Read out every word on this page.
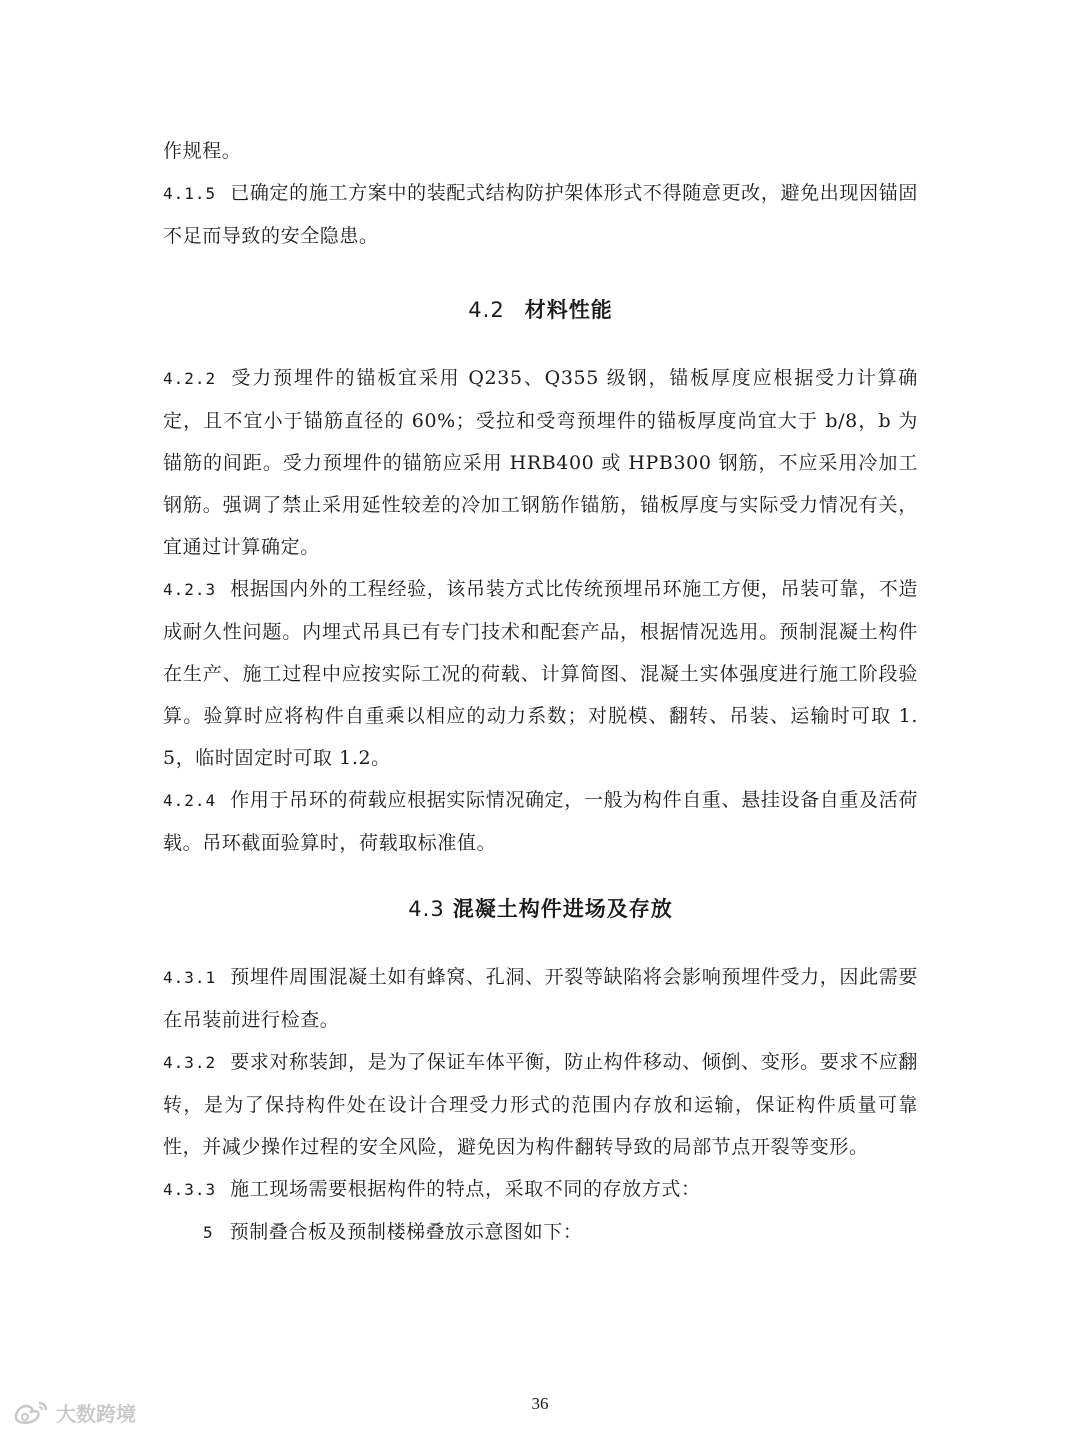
作规程。

4.1.5 已确定的施工方案中的装配式结构防护架体形式不得随意更改，避免出现因锚固不足而导致的安全隐患。

4.2 材料性能

4.2.2 受力预埋件的锚板宜采用 Q235、Q355 级钢，锚板厚度应根据受力计算确定，且不宜小于锚筋直径的 60%；受拉和受弯预埋件的锚板厚度尚宜大于 b/8，b 为锚筋的间距。受力预埋件的锚筋应采用 HRB400 或 HPB300 钢筋，不应采用冷加工钢筋。强调了禁止采用延性较差的冷加工钢筋作锚筋，锚板厚度与实际受力情况有关，宜通过计算确定。

4.2.3 根据国内外的工程经验，该吊装方式比传统预埋吊环施工方便，吊装可靠，不造成耐久性问题。内埋式吊具已有专门技术和配套产品，根据情况选用。预制混凝土构件在生产、施工过程中应按实际工况的荷载、计算简图、混凝土实体强度进行施工阶段验算。验算时应将构件自重乘以相应的动力系数；对脱模、翻转、吊装、运输时可取 1.5，临时固定时可取 1.2。

4.2.4 作用于吊环的荷载应根据实际情况确定，一般为构件自重、悬挂设备自重及活荷载。吊环截面验算时，荷载取标准值。

4.3 混凝土构件进场及存放

4.3.1 预埋件周围混凝土如有蜂窝、孔洞、开裂等缺陷将会影响预埋件受力，因此需要在吊装前进行检查。

4.3.2 要求对称装卸，是为了保证车体平衡，防止构件移动、倾倒、变形。要求不应翻转，是为了保持构件处在设计合理受力形式的范围内存放和运输，保证构件质量可靠性，并减少操作过程的安全风险，避免因为构件翻转导致的局部节点开裂等变形。

4.3.3 施工现场需要根据构件的特点，采取不同的存放方式：

5 预制叠合板及预制楼梯叠放示意图如下：

36
大数跨境
